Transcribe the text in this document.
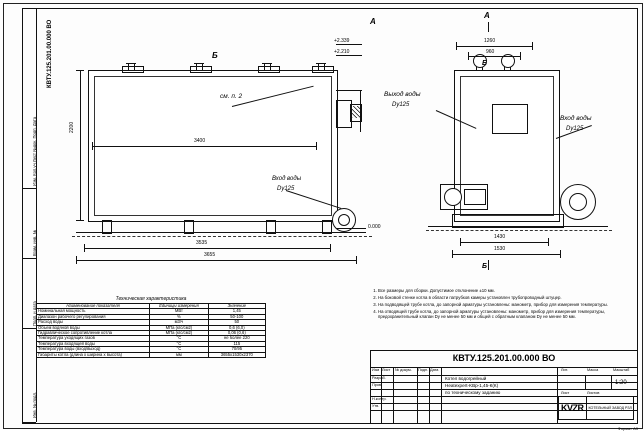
Изм. Кол.уч Лист №док. Подп. Дата
Взам. инв. №
Подп. и дата
Инв. № подл.
КВТУ.125.201.00.000 ВО
2200
3400
3535
3655
+2.339
+2.210
0.000
см. п. 2
Б
А
Вход воды
Dу125
1260
960
1430
1530
А
Б
Б
Выход воды
Dу125
Вход воды
Dу125
Техническая характеристика
Наименование показателя	Единицы измерения	Значение
Номинальная мощность	МВт	1,45
Диапазон рабочего регулирования	%	50-100
Расход воды	м3/ч	50
Объем водяной воды	МПа (кгс/см2)	0,6 (6,0)
Гидравлическое сопротивление котла	МПа (кгс/см2)	0,06 (0,6)
Температура уходящих газов	°С	не более 220
Температура входящей воды	°С	115
Температура воды (вход/выход)	°С	70/95
Габариты котла (длина х ширина х высота)	мм	3655х1530х2370
1. Все размеры для сборки. Допустимое отклонение ±10 мм.
2. На боковой стенке котла в области патрубков камеры установлен трубопроводный штуцер.
3. На подводящей трубе котла, до запорной арматуры установлены: манометр, прибор для измерения температуры.
4. На отводящей трубе котла, до запорной арматуры установлены: манометр, прибор для измерения температуры, предохранительный клапан Dу не менее 50 мм и общей с обратным клапаном Dу не менее 50 мм.
КВТУ.125.201.00.000 ВО
Изм Лист № докум. Подп. Дата
Разраб.
Пров.
Н.контр.
Утв.
Лит.	Масса	Масштаб
1:20
Котел водогрейный
Heatexpert-KBр-1,45-К(К)
по техническому заданию	Лист	Листов
KVZR	КОТЕЛЬНЫЙ ЗАВОД РЗЛ
Формат А3
